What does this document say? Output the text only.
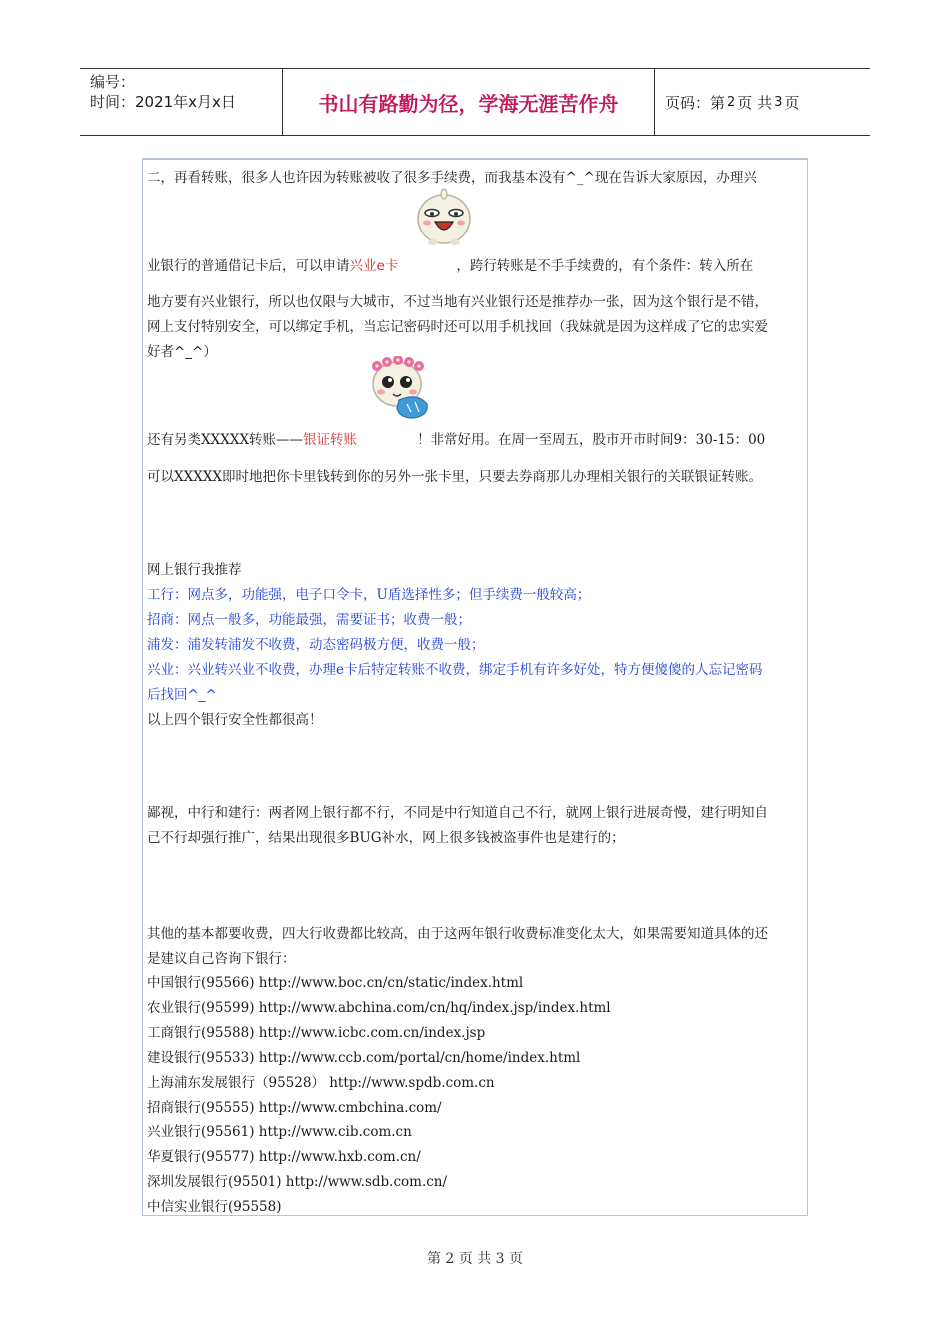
编号：
时间：2021年x月x日	书山有路勤为径，学海无涯苦作舟	页码：第 2 页 共 3 页
二，再看转账，很多人也许因为转账被收了很多手续费，而我基本没有^_^现在告诉大家原因，办理兴
业银行的普通借记卡后，可以申请兴业e卡	，跨行转账是不手手续费的，有个条件：转入所在
地方要有兴业银行，所以也仅限与大城市，不过当地有兴业银行还是推荐办一张，因为这个银行是不错，
网上支付特别安全，可以绑定手机，当忘记密码时还可以用手机找回（我妹就是因为这样成了它的忠实爱
好者^_^）
还有另类XXXXX转账——银证转账	！非常好用。在周一至周五，股市开市时间9：30-15：00
可以XXXXX即时地把你卡里钱转到你的另外一张卡里，只要去券商那儿办理相关银行的关联银证转账。
网上银行我推荐
工行：网点多，功能强，电子口令卡，U盾选择性多；但手续费一般较高；
招商：网点一般多，功能最强，需要证书；收费一般；
浦发：浦发转浦发不收费，动态密码极方便，收费一般；
兴业：兴业转兴业不收费，办理e卡后特定转账不收费，绑定手机有许多好处，特方便傻傻的人忘记密码
后找回^_^
以上四个银行安全性都很高！
鄙视，中行和建行：两者网上银行都不行，不同是中行知道自己不行，就网上银行进展奇慢，建行明知自
己不行却强行推广，结果出现很多BUG补水，网上很多钱被盗事件也是建行的；
其他的基本都要收费，四大行收费都比较高，由于这两年银行收费标准变化太大，如果需要知道具体的还
是建议自己咨询下银行：
中国银行(95566) http://www.boc.cn/cn/static/index.html
农业银行(95599) http://www.abchina.com/cn/hq/index.jsp/index.html
工商银行(95588) http://www.icbc.com.cn/index.jsp
建设银行(95533) http://www.ccb.com/portal/cn/home/index.html
上海浦东发展银行（95528） http://www.spdb.com.cn
招商银行(95555) http://www.cmbchina.com/
兴业银行(95561) http://www.cib.com.cn
华夏银行(95577) http://www.hxb.com.cn/
深圳发展银行(95501) http://www.sdb.com.cn/
中信实业银行(95558)
第 2 页 共 3 页
